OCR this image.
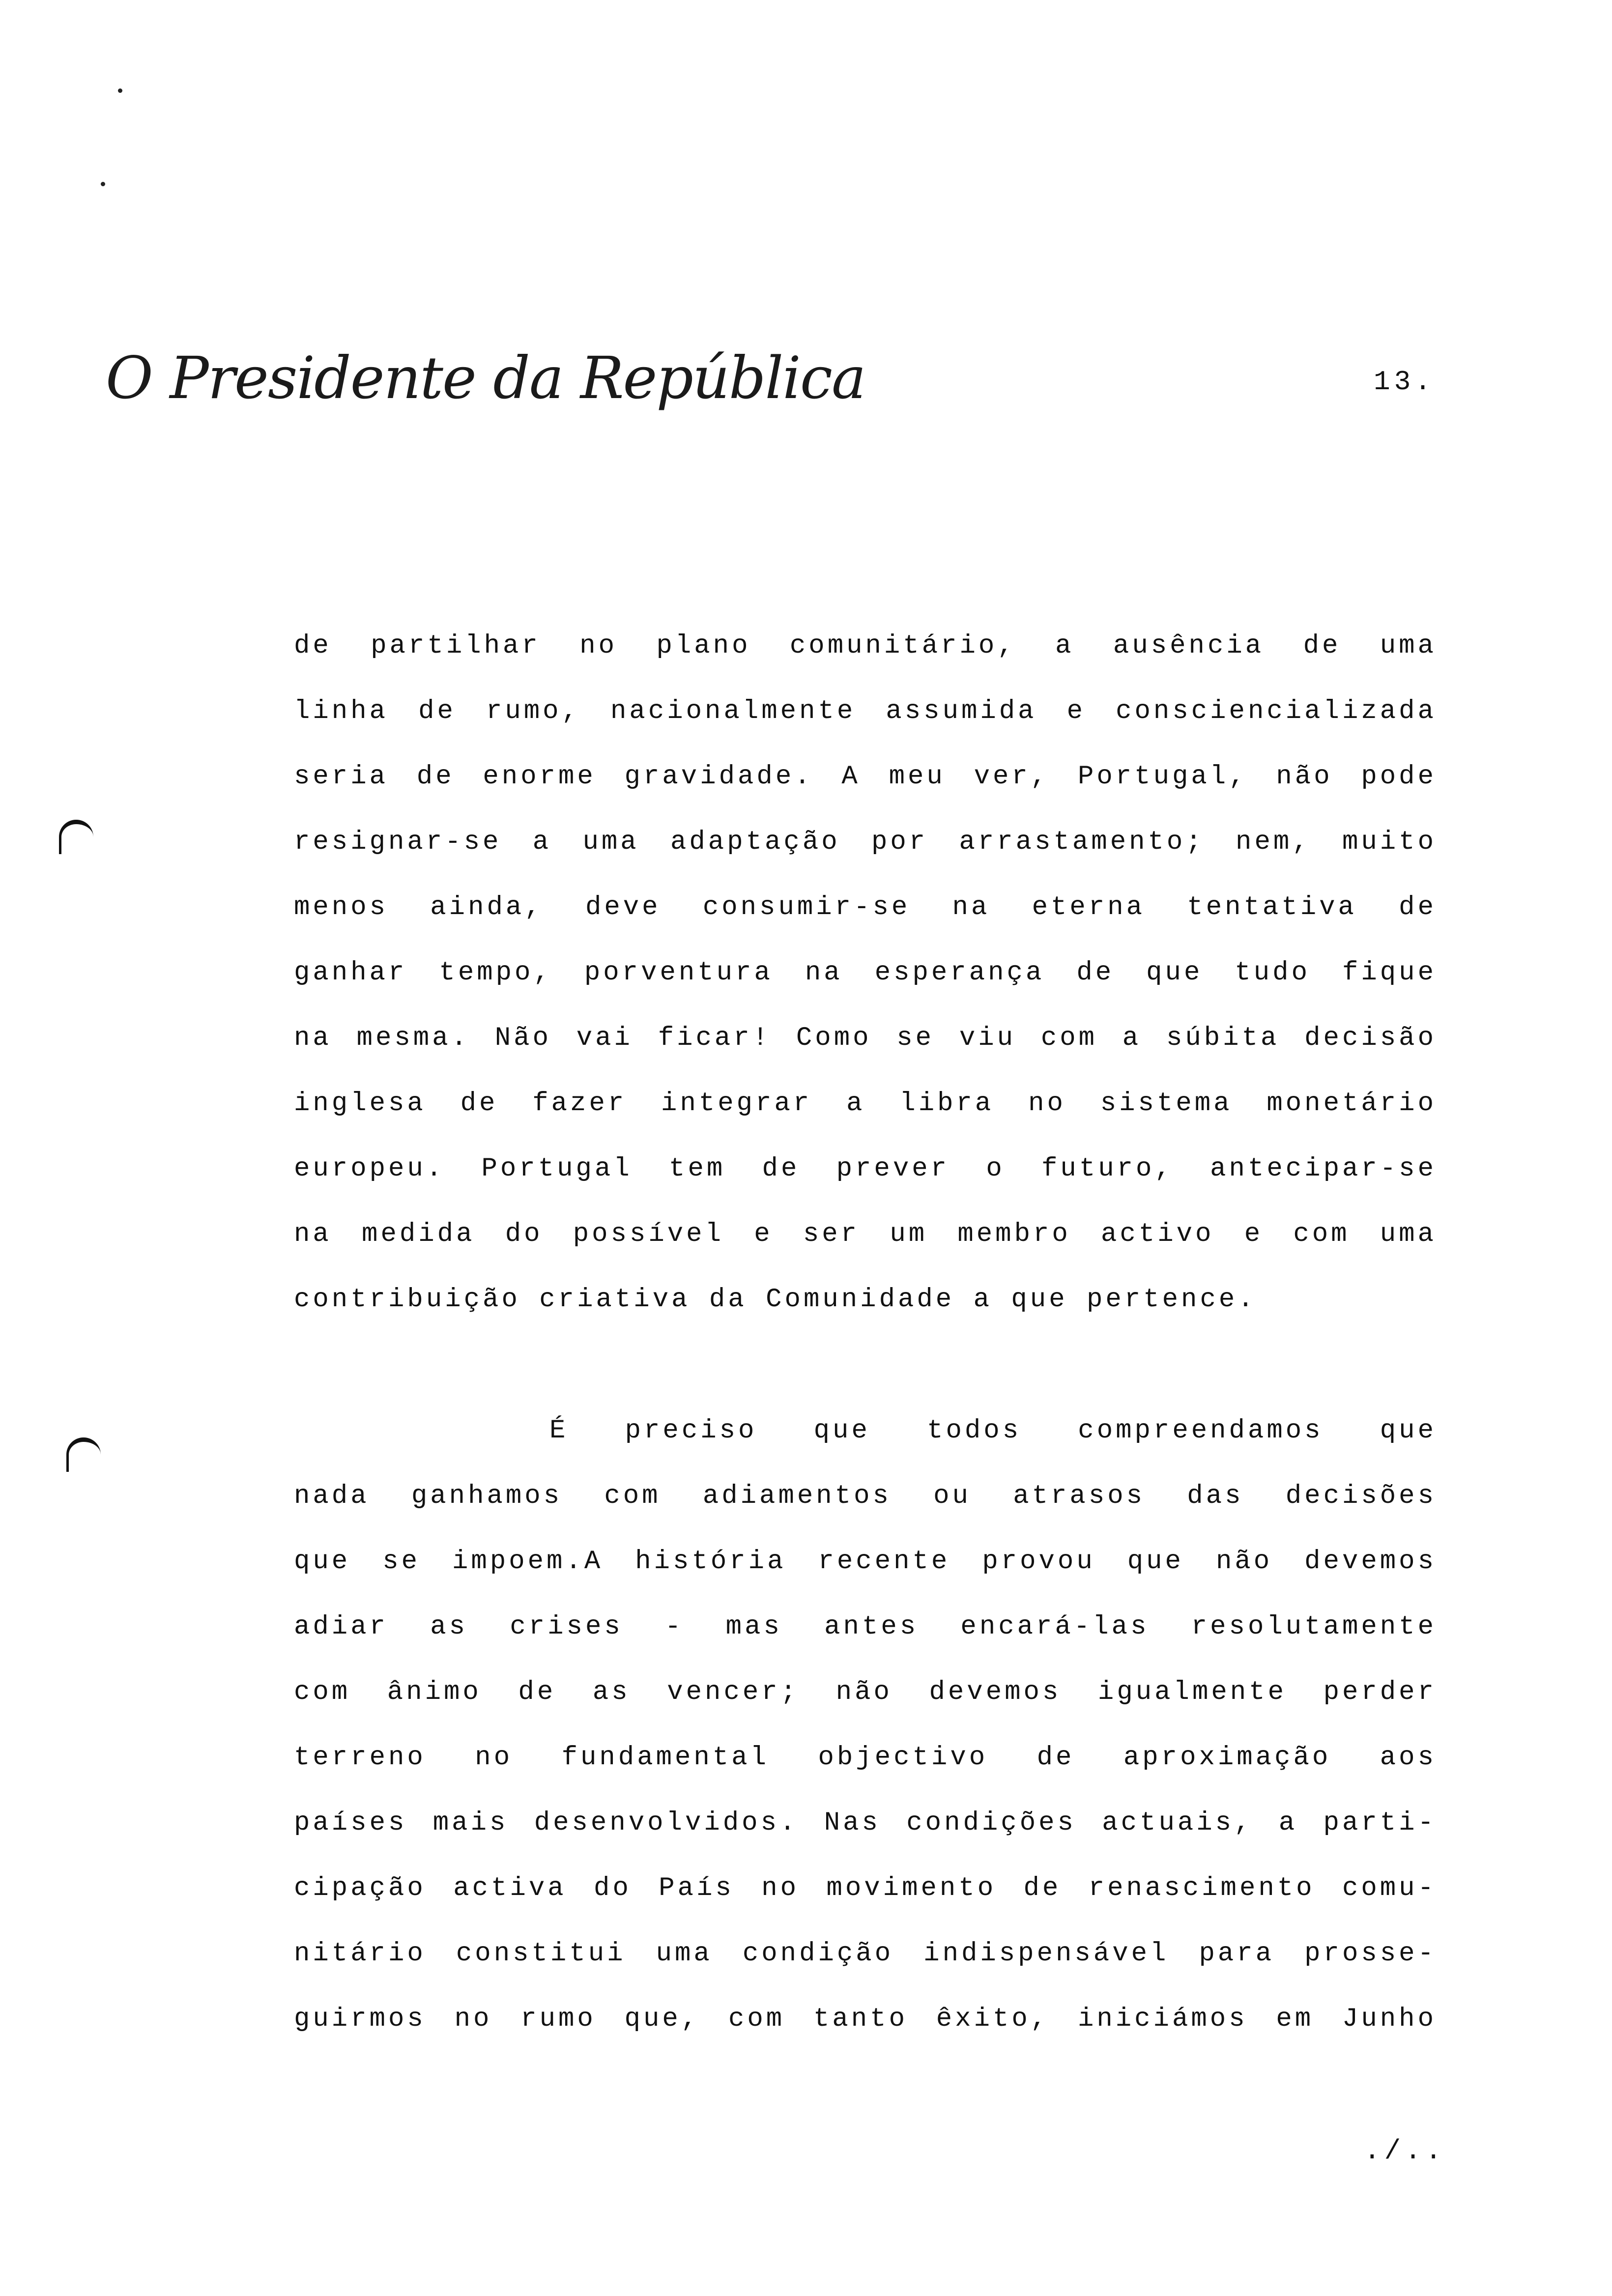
O Presidente da República	13.
de partilhar no plano comunitário, a ausência de uma
linha de rumo, nacionalmente assumida e consciencializada
seria de enorme gravidade. A meu ver, Portugal, não pode
resignar-se a uma adaptação por arrastamento; nem, muito
menos ainda, deve consumir-se na eterna tentativa de
ganhar tempo, porventura na esperança de que tudo fique
na mesma. Não vai ficar! Como se viu com a súbita decisão
inglesa de fazer integrar a libra no sistema monetário
europeu. Portugal tem de prever o futuro, antecipar-se
na medida do possível e ser um membro activo e com uma
contribuição criativa da Comunidade a que pertence.
É preciso que todos compreendamos que
nada ganhamos com adiamentos ou atrasos das decisões
que se impoem.A história recente provou que não devemos
adiar as crises - mas antes encará-las resolutamente
com ânimo de as vencer; não devemos igualmente perder
terreno no fundamental objectivo de aproximação aos
países mais desenvolvidos. Nas condições actuais, a parti-
cipação activa do País no movimento de renascimento comu-
nitário constitui uma condição indispensável para prosse-
guirmos no rumo que, com tanto êxito, iniciámos em Junho
./..
